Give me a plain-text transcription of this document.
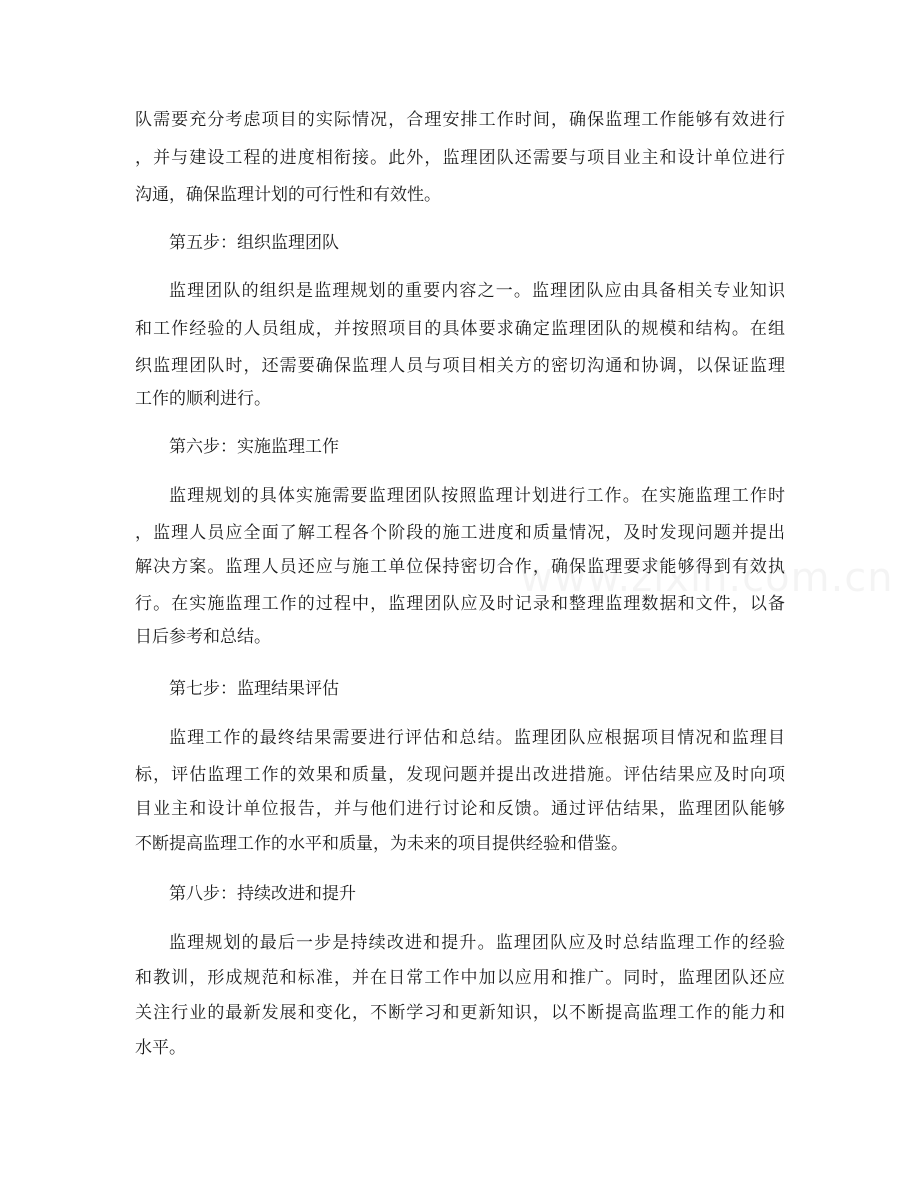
队需要充分考虑项目的实际情况，合理安排工作时间，确保监理工作能够有效进行
，并与建设工程的进度相衔接。此外，监理团队还需要与项目业主和设计单位进行
沟通，确保监理计划的可行性和有效性。
第五步：组织监理团队
监理团队的组织是监理规划的重要内容之一。监理团队应由具备相关专业知识
和工作经验的人员组成，并按照项目的具体要求确定监理团队的规模和结构。在组
织监理团队时，还需要确保监理人员与项目相关方的密切沟通和协调，以保证监理
工作的顺利进行。
第六步：实施监理工作
监理规划的具体实施需要监理团队按照监理计划进行工作。在实施监理工作时
，监理人员应全面了解工程各个阶段的施工进度和质量情况，及时发现问题并提出
解决方案。监理人员还应与施工单位保持密切合作，确保监理要求能够得到有效执
行。在实施监理工作的过程中，监理团队应及时记录和整理监理数据和文件，以备
日后参考和总结。
第七步：监理结果评估
监理工作的最终结果需要进行评估和总结。监理团队应根据项目情况和监理目
标，评估监理工作的效果和质量，发现问题并提出改进措施。评估结果应及时向项
目业主和设计单位报告，并与他们进行讨论和反馈。通过评估结果，监理团队能够
不断提高监理工作的水平和质量，为未来的项目提供经验和借鉴。
第八步：持续改进和提升
监理规划的最后一步是持续改进和提升。监理团队应及时总结监理工作的经验
和教训，形成规范和标准，并在日常工作中加以应用和推广。同时，监理团队还应
关注行业的最新发展和变化，不断学习和更新知识，以不断提高监理工作的能力和
水平。
